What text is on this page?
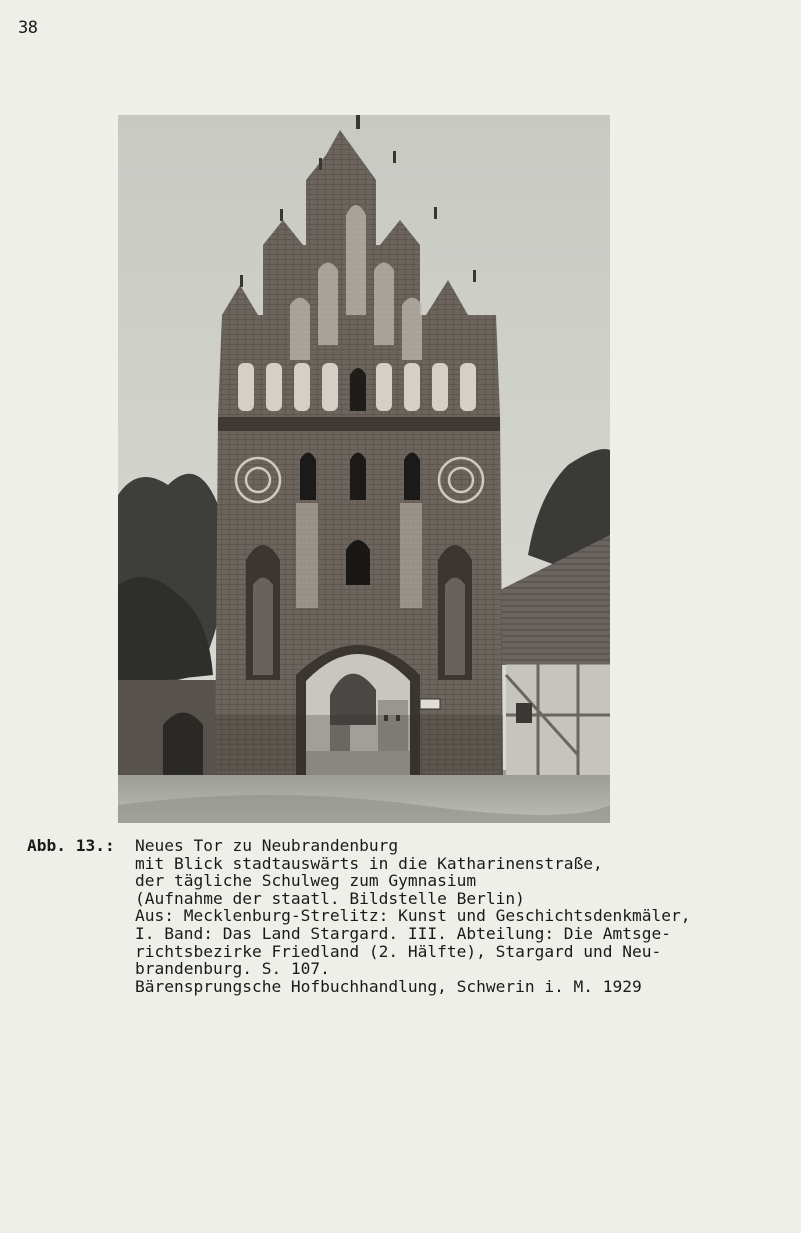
38
Abb. 13.:	Neues Tor zu Neubrandenburg
mit Blick stadtauswärts in die Katharinenstraße,
der tägliche Schulweg zum Gymnasium
(Aufnahme der staatl. Bildstelle Berlin)
Aus: Mecklenburg-Strelitz: Kunst und Geschichtsdenkmäler,
I. Band: Das Land Stargard. III. Abteilung: Die Amtsge-
richtsbezirke Friedland (2. Hälfte), Stargard und Neu-
brandenburg. S. 107.
Bärensprungsche Hofbuchhandlung, Schwerin i. M. 1929
